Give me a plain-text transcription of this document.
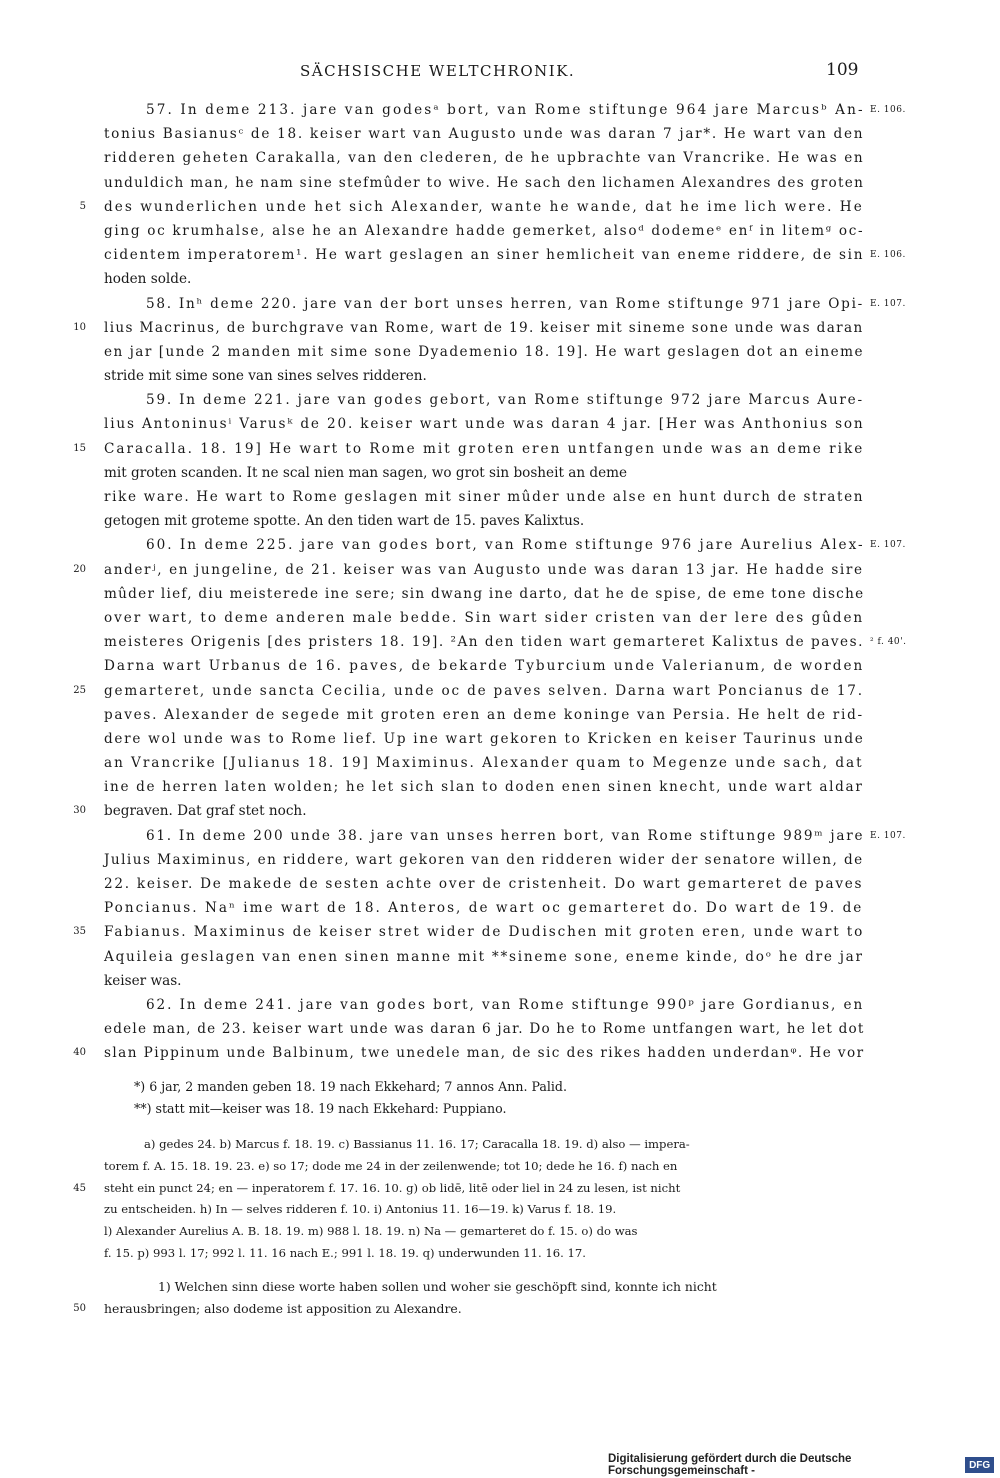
SÄCHSISCHE WELTCHRONIK.	109
57. In deme 213. jare van godesᵃ bort, van Rome stiftunge 964 jare Marcusᵇ An- E. 106.
tonius Basianusᶜ de 18. keiser wart van Augusto unde was daran 7 jar*. He wart van den
ridderen geheten Carakalla, van den clederen, de he upbrachte van Vrancrike. He was en
unduldich man, he nam sine stefmûder to wive. He sach den lichamen Alexandres des groten
5 des wunderlichen unde het sich Alexander, wante he wande, dat he ime lich were. He
ging oc krumhalse, alse he an Alexandre hadde gemerket, alsoᵈ dodemeᵉ enᶠ in litemᵍ oc-
cidentem imperatorem¹. He wart geslagen an siner hemlicheit van eneme riddere, de sin E. 106.
hoden solde.
58. Inʰ deme 220. jare van der bort unses herren, van Rome stiftunge 971 jare Opi- E. 107.
10 lius Macrinus, de burchgrave van Rome, wart de 19. keiser mit sineme sone unde was daran
en jar [unde 2 manden mit sime sone Dyademenio 18. 19]. He wart geslagen dot an eineme
stride mit sime sone van sines selves ridderen.
59. In deme 221. jare van godes gebort, van Rome stiftunge 972 jare Marcus Aure-
lius Antoninusⁱ Varusᵏ de 20. keiser wart unde was daran 4 jar. [Her was Anthonius son
15 Caracalla. 18. 19] He wart to Rome mit groten eren untfangen unde was an deme rike
mit groten scanden. It ne scal nien man sagen, wo grot sin bosheit an deme
rike ware. He wart to Rome geslagen mit siner mûder unde alse en hunt durch de straten
getogen mit groteme spotte. An den tiden wart de 15. paves Kalixtus.
60. In deme 225. jare van godes bort, van Rome stiftunge 976 jare Aurelius Alex- E. 107.
20 anderʲ, en jungeline, de 21. keiser was van Augusto unde was daran 13 jar. He hadde sire
mûder lief, diu meisterede ine sere; sin dwang ine darto, dat he de spise, de eme tone dische
over wart, to deme anderen male bedde. Sin wart sider cristen van der lere des gûden
meisteres Origenis [des pristers 18. 19]. ²An den tiden wart gemarteret Kalixtus de paves. ² f. 40'.
Darna wart Urbanus de 16. paves, de bekarde Tyburcium unde Valerianum, de worden
25 gemarteret, unde sancta Cecilia, unde oc de paves selven. Darna wart Poncianus de 17.
paves. Alexander de segede mit groten eren an deme koninge van Persia. He helt de rid-
dere wol unde was to Rome lief. Up ine wart gekoren to Kricken en keiser Taurinus unde
an Vrancrike [Julianus 18. 19] Maximinus. Alexander quam to Megenze unde sach, dat
ine de herren laten wolden; he let sich slan to doden enen sinen knecht, unde wart aldar
30 begraven. Dat graf stet noch.
61. In deme 200 unde 38. jare van unses herren bort, van Rome stiftunge 989ᵐ jare E. 107.
Julius Maximinus, en riddere, wart gekoren van den ridderen wider der senatore willen, de
22. keiser. De makede de sesten achte over de cristenheit. Do wart gemarteret de paves
Poncianus. Naⁿ ime wart de 18. Anteros, de wart oc gemarteret do. Do wart de 19. de
35 Fabianus. Maximinus de keiser stret wider de Dudischen mit groten eren, unde wart to
Aquileia geslagen van enen sinen manne mit **sineme sone, eneme kinde, doᵒ he dre jar
keiser was.
62. In deme 241. jare van godes bort, van Rome stiftunge 990ᵖ jare Gordianus, en
edele man, de 23. keiser wart unde was daran 6 jar. Do he to Rome untfangen wart, he let dot
40 slan Pippinum unde Balbinum, twe unedele man, de sic des rikes hadden underdanᵠ. He vor
*) 6 jar, 2 manden geben 18. 19 nach Ekkehard; 7 annos Ann. Palid.
**) statt mit—keiser was 18. 19 nach Ekkehard: Puppiano.
a) gedes 24. b) Marcus f. 18. 19. c) Bassianus 11. 16. 17; Caracalla 18. 19. d) also — impera-
torem f. A. 15. 18. 19. 23. e) so 17; dode me 24 in der zeilenwende; tot 10; dede he 16. f) nach en
45 steht ein punct 24; en — inperatorem f. 17. 16. 10. g) ob lidē, litē oder liel in 24 zu lesen, ist nicht
zu entscheiden. h) In — selves ridderen f. 10. i) Antonius 11. 16—19. k) Varus f. 18. 19.
l) Alexander Aurelius A. B. 18. 19. m) 988 l. 18. 19. n) Na — gemarteret do f. 15. o) do was
f. 15. p) 993 l. 17; 992 l. 11. 16 nach E.; 991 l. 18. 19. q) underwunden 11. 16. 17.
1) Welchen sinn diese worte haben sollen und woher sie geschöpft sind, konnte ich nicht
50 herausbringen; also dodeme ist apposition zu Alexandre.
Digitalisierung gefördert durch die Deutsche Forschungsgemeinschaft -	DFG
